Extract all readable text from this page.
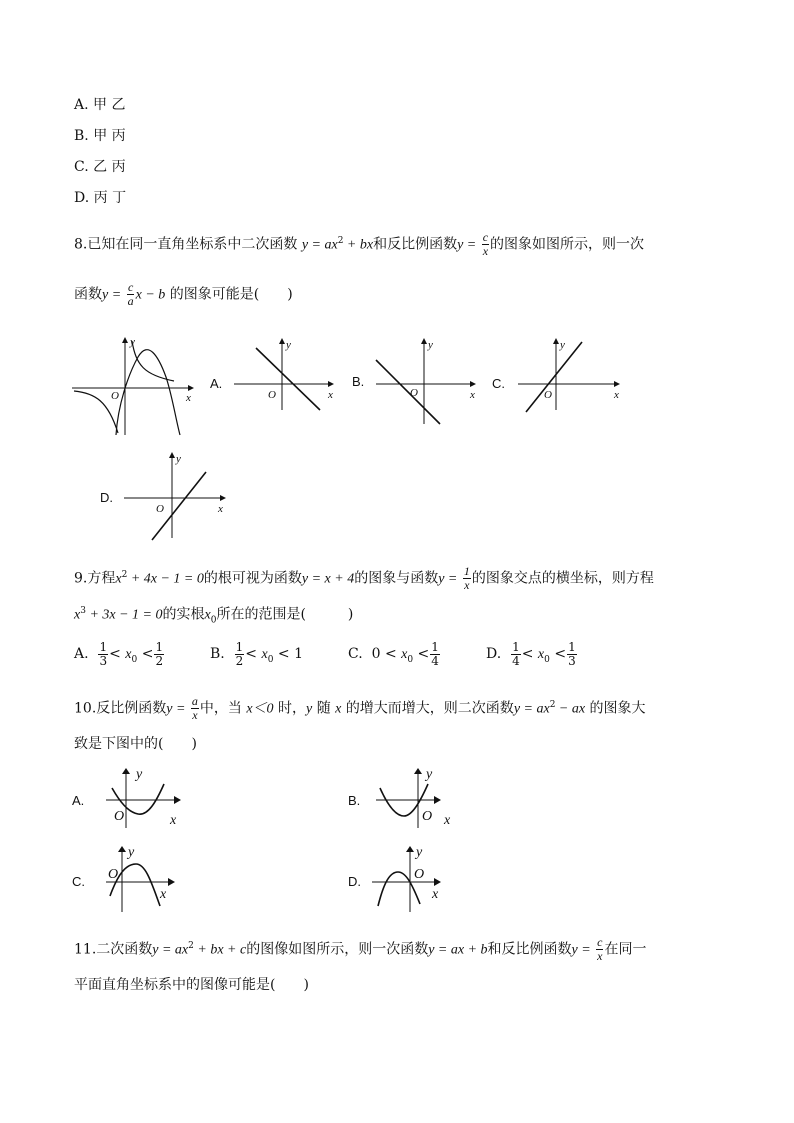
A. 甲 乙
B. 甲 丙
C. 乙 丙
D. 丙 丁
8.已知在同一直角坐标系中二次函数 $y = ax^2$ + bx和反比例函数$y = \frac{c}{x}$ 的图象如图所示，则一次
函数$y = \frac{c}{a}$ x − b 的图象可能是(　　)
x
y
O
A.
x
y
O
B.
x
y
O
C.
x
y
O
D.
x
y
O
9.方程$x^2 + 4x - 1 = 0$的根可视为函数y = x + 4的图象与函数$y = \frac{1}{x}$ 的图象交点的横坐标，则方程
$x^3 + 3x - 1 = 0$的实根$x_0$所在的范围是(　　　)
A. $\frac{1}{3} < x_0 < \frac{1}{2}$	B. $\frac{1}{2} < x_0 < 1$	C. $0 < x_0 < \frac{1}{4}$	D. $\frac{1}{4} < x_0 < \frac{1}{3}$
10.反比例函数$y = \frac{a}{x}$ 中，当 x＜0 时，y 随 x 的增大而增大，则二次函数$y = ax^2$ − ax 的图象大
致是下图中的(　　)
A.
y
x
O
B.
y
x
O
C.
y
x
O	D.
y
x
O
11.二次函数$y = ax^2$ + bx + c的图像如图所示，则一次函数y = ax + b和反比例函数$y = \frac{c}{x}$ 在同一
平面直角坐标系中的图像可能是(　　)
